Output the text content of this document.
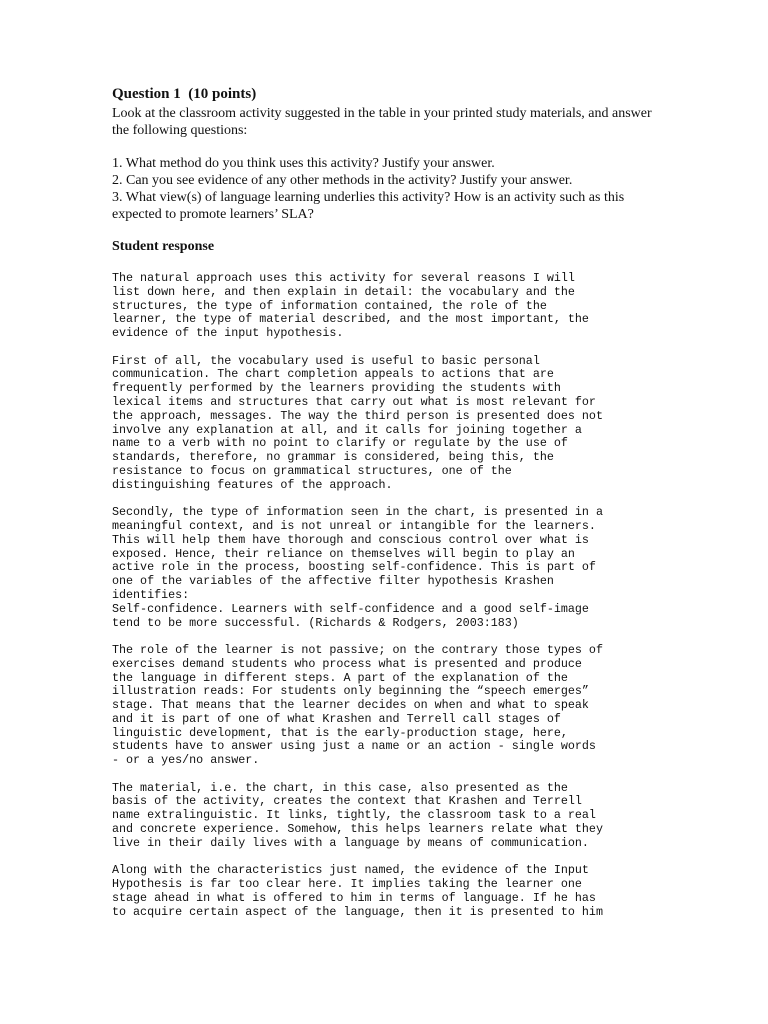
Question 1  (10 points)
Look at the classroom activity suggested in the table in your printed study materials, and answer the following questions:

1. What method do you think uses this activity? Justify your answer.

2. Can you see evidence of any other methods in the activity? Justify your answer.

3. What view(s) of language learning underlies this activity? How is an activity such as this expected to promote learners’ SLA?

Student response

The natural approach uses this activity for several reasons I will
list down here, and then explain in detail: the vocabulary and the
structures, the type of information contained, the role of the
learner, the type of material described, and the most important, the
evidence of the input hypothesis.

First of all, the vocabulary used is useful to basic personal
communication. The chart completion appeals to actions that are
frequently performed by the learners providing the students with
lexical items and structures that carry out what is most relevant for
the approach, messages. The way the third person is presented does not
involve any explanation at all, and it calls for joining together a
name to a verb with no point to clarify or regulate by the use of
standards, therefore, no grammar is considered, being this, the
resistance to focus on grammatical structures, one of the
distinguishing features of the approach.

Secondly, the type of information seen in the chart, is presented in a
meaningful context, and is not unreal or intangible for the learners.
This will help them have thorough and conscious control over what is
exposed. Hence, their reliance on themselves will begin to play an
active role in the process, boosting self-confidence. This is part of
one of the variables of the affective filter hypothesis Krashen
identifies:
Self-confidence. Learners with self-confidence and a good self-image
tend to be more successful. (Richards & Rodgers, 2003:183)

The role of the learner is not passive; on the contrary those types of
exercises demand students who process what is presented and produce
the language in different steps. A part of the explanation of the
illustration reads: For students only beginning the “speech emerges”
stage. That means that the learner decides on when and what to speak
and it is part of one of what Krashen and Terrell call stages of
linguistic development, that is the early-production stage, here,
students have to answer using just a name or an action - single words
- or a yes/no answer.

The material, i.e. the chart, in this case, also presented as the
basis of the activity, creates the context that Krashen and Terrell
name extralinguistic. It links, tightly, the classroom task to a real
and concrete experience. Somehow, this helps learners relate what they
live in their daily lives with a language by means of communication.

Along with the characteristics just named, the evidence of the Input
Hypothesis is far too clear here. It implies taking the learner one
stage ahead in what is offered to him in terms of language. If he has
to acquire certain aspect of the language, then it is presented to him
